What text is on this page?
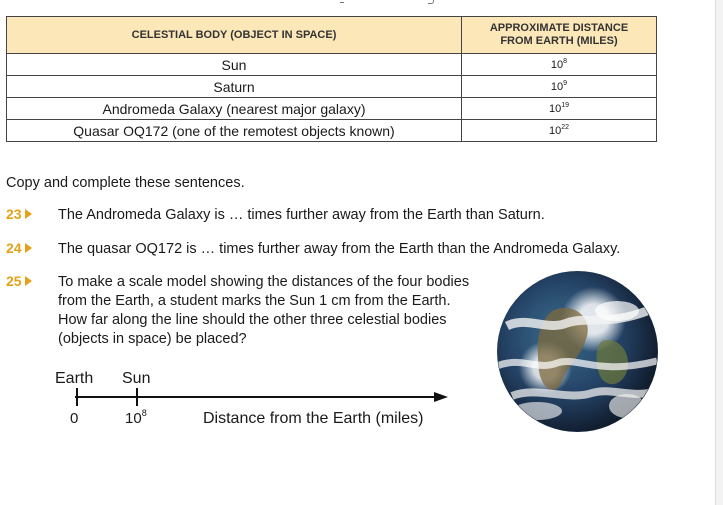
CELESTIAL BODY (OBJECT IN SPACE)	APPROXIMATE DISTANCE
FROM EARTH (MILES)
Sun	$10^8$
Saturn	$10^9$
Andromeda Galaxy (nearest major galaxy)	$10^{19}$
Quasar OQ172 (one of the remotest objects known)	$10^{22}$
Copy and complete these sentences.
23	The Andromeda Galaxy is … times further away from the Earth than Saturn.
24	The quasar OQ172 is … times further away from the Earth than the Andromeda Galaxy.
25	To make a scale model showing the distances of the four bodies
from the Earth, a student marks the Sun 1 cm from the Earth.
How far along the line should the other three celestial bodies
(objects in space) be placed?
Earth Sun
0	$10^8$	Distance from the Earth (miles)
